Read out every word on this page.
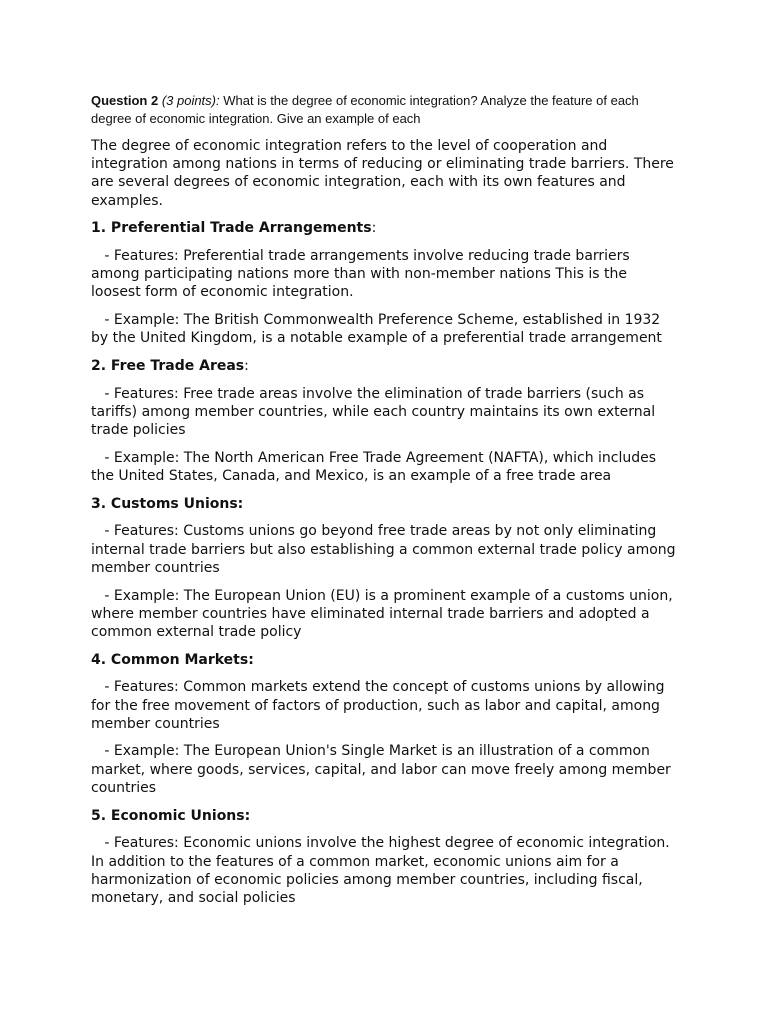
Question 2 (3 points): What is the degree of economic integration? Analyze the feature of each degree of economic integration. Give an example of each

The degree of economic integration refers to the level of cooperation and integration among nations in terms of reducing or eliminating trade barriers. There are several degrees of economic integration, each with its own features and examples.

1. Preferential Trade Arrangements:

- Features: Preferential trade arrangements involve reducing trade barriers among participating nations more than with non-member nations This is the loosest form of economic integration.

- Example: The British Commonwealth Preference Scheme, established in 1932 by the United Kingdom, is a notable example of a preferential trade arrangement

2. Free Trade Areas:

- Features: Free trade areas involve the elimination of trade barriers (such as tariffs) among member countries, while each country maintains its own external trade policies

- Example: The North American Free Trade Agreement (NAFTA), which includes the United States, Canada, and Mexico, is an example of a free trade area

3. Customs Unions:

- Features: Customs unions go beyond free trade areas by not only eliminating internal trade barriers but also establishing a common external trade policy among member countries

- Example: The European Union (EU) is a prominent example of a customs union, where member countries have eliminated internal trade barriers and adopted a common external trade policy

4. Common Markets:

- Features: Common markets extend the concept of customs unions by allowing for the free movement of factors of production, such as labor and capital, among member countries

- Example: The European Union's Single Market is an illustration of a common market, where goods, services, capital, and labor can move freely among member countries

5. Economic Unions:

- Features: Economic unions involve the highest degree of economic integration. In addition to the features of a common market, economic unions aim for a harmonization of economic policies among member countries, including fiscal, monetary, and social policies
